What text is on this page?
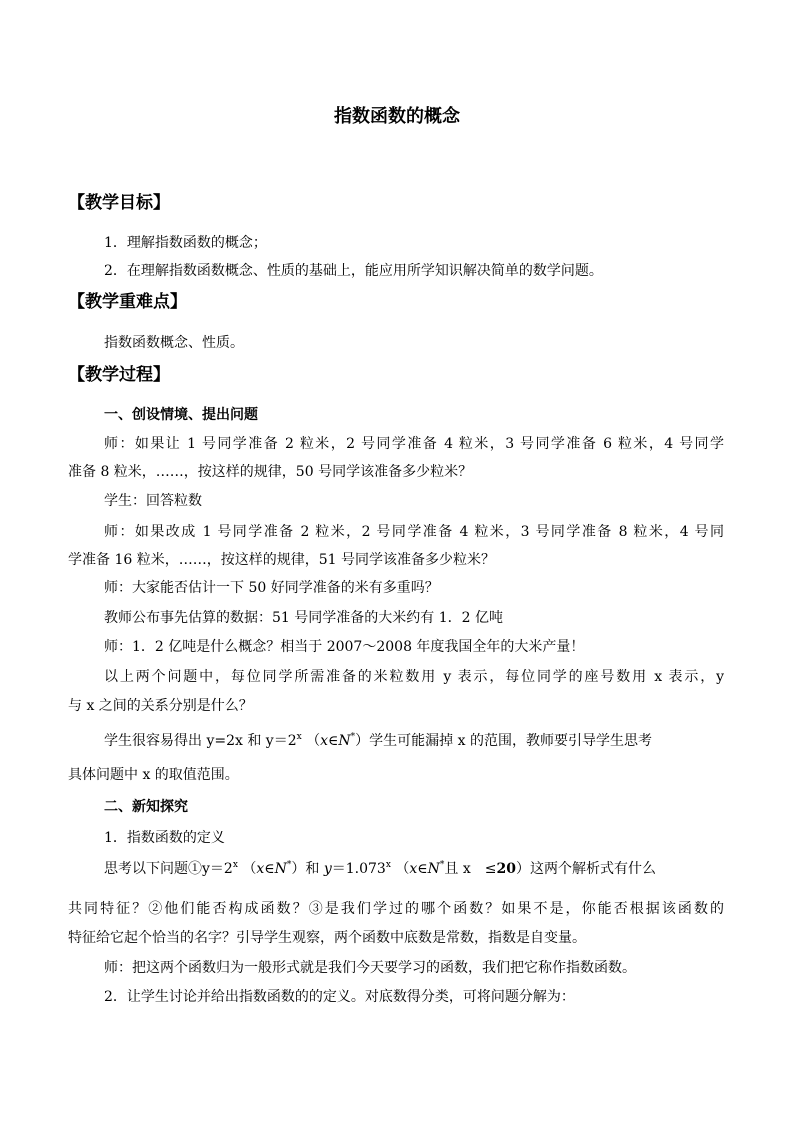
指数函数的概念
【教学目标】
1．理解指数函数的概念；
2．在理解指数函数概念、性质的基础上，能应用所学知识解决简单的数学问题。
【教学重难点】
指数函数概念、性质。
【教学过程】
一、创设情境、提出问题
师：如果让 1 号同学准备 2 粒米，2 号同学准备 4 粒米，3 号同学准备 6 粒米，4 号同学
准备 8 粒米，……，按这样的规律，50 号同学该准备多少粒米？
学生：回答粒数
师：如果改成 1 号同学准备 2 粒米，2 号同学准备 4 粒米，3 号同学准备 8 粒米，4 号同
学准备 16 粒米，……，按这样的规律，51 号同学该准备多少粒米？
师：大家能否估计一下 50 好同学准备的米有多重吗？
教师公布事先估算的数据：51 号同学准备的大米约有 1．2 亿吨
师：1．2 亿吨是什么概念？相当于 2007～2008 年度我国全年的大米产量！
以上两个问题中，每位同学所需准备的米粒数用 y 表示，每位同学的座号数用 x 表示，y
与 x 之间的关系分别是什么？
学生很容易得出 y=2x 和 $y=2^x$ （x∈N*）学生可能漏掉 x 的范围，教师要引导学生思考
具体问题中 x 的取值范围。
二、新知探究
1．指数函数的定义
思考以下问题$①y=2^x$ （x∈N*）和 $y=1.073^x$ （x∈N*且 x　≤20）这两个解析式有什么
共同特征？②他们能否构成函数？③是我们学过的哪个函数？如果不是，你能否根据该函数的
特征给它起个恰当的名字？引导学生观察，两个函数中底数是常数，指数是自变量。
师：把这两个函数归为一般形式就是我们今天要学习的函数，我们把它称作指数函数。
2．让学生讨论并给出指数函数的的定义。对底数得分类，可将问题分解为：
